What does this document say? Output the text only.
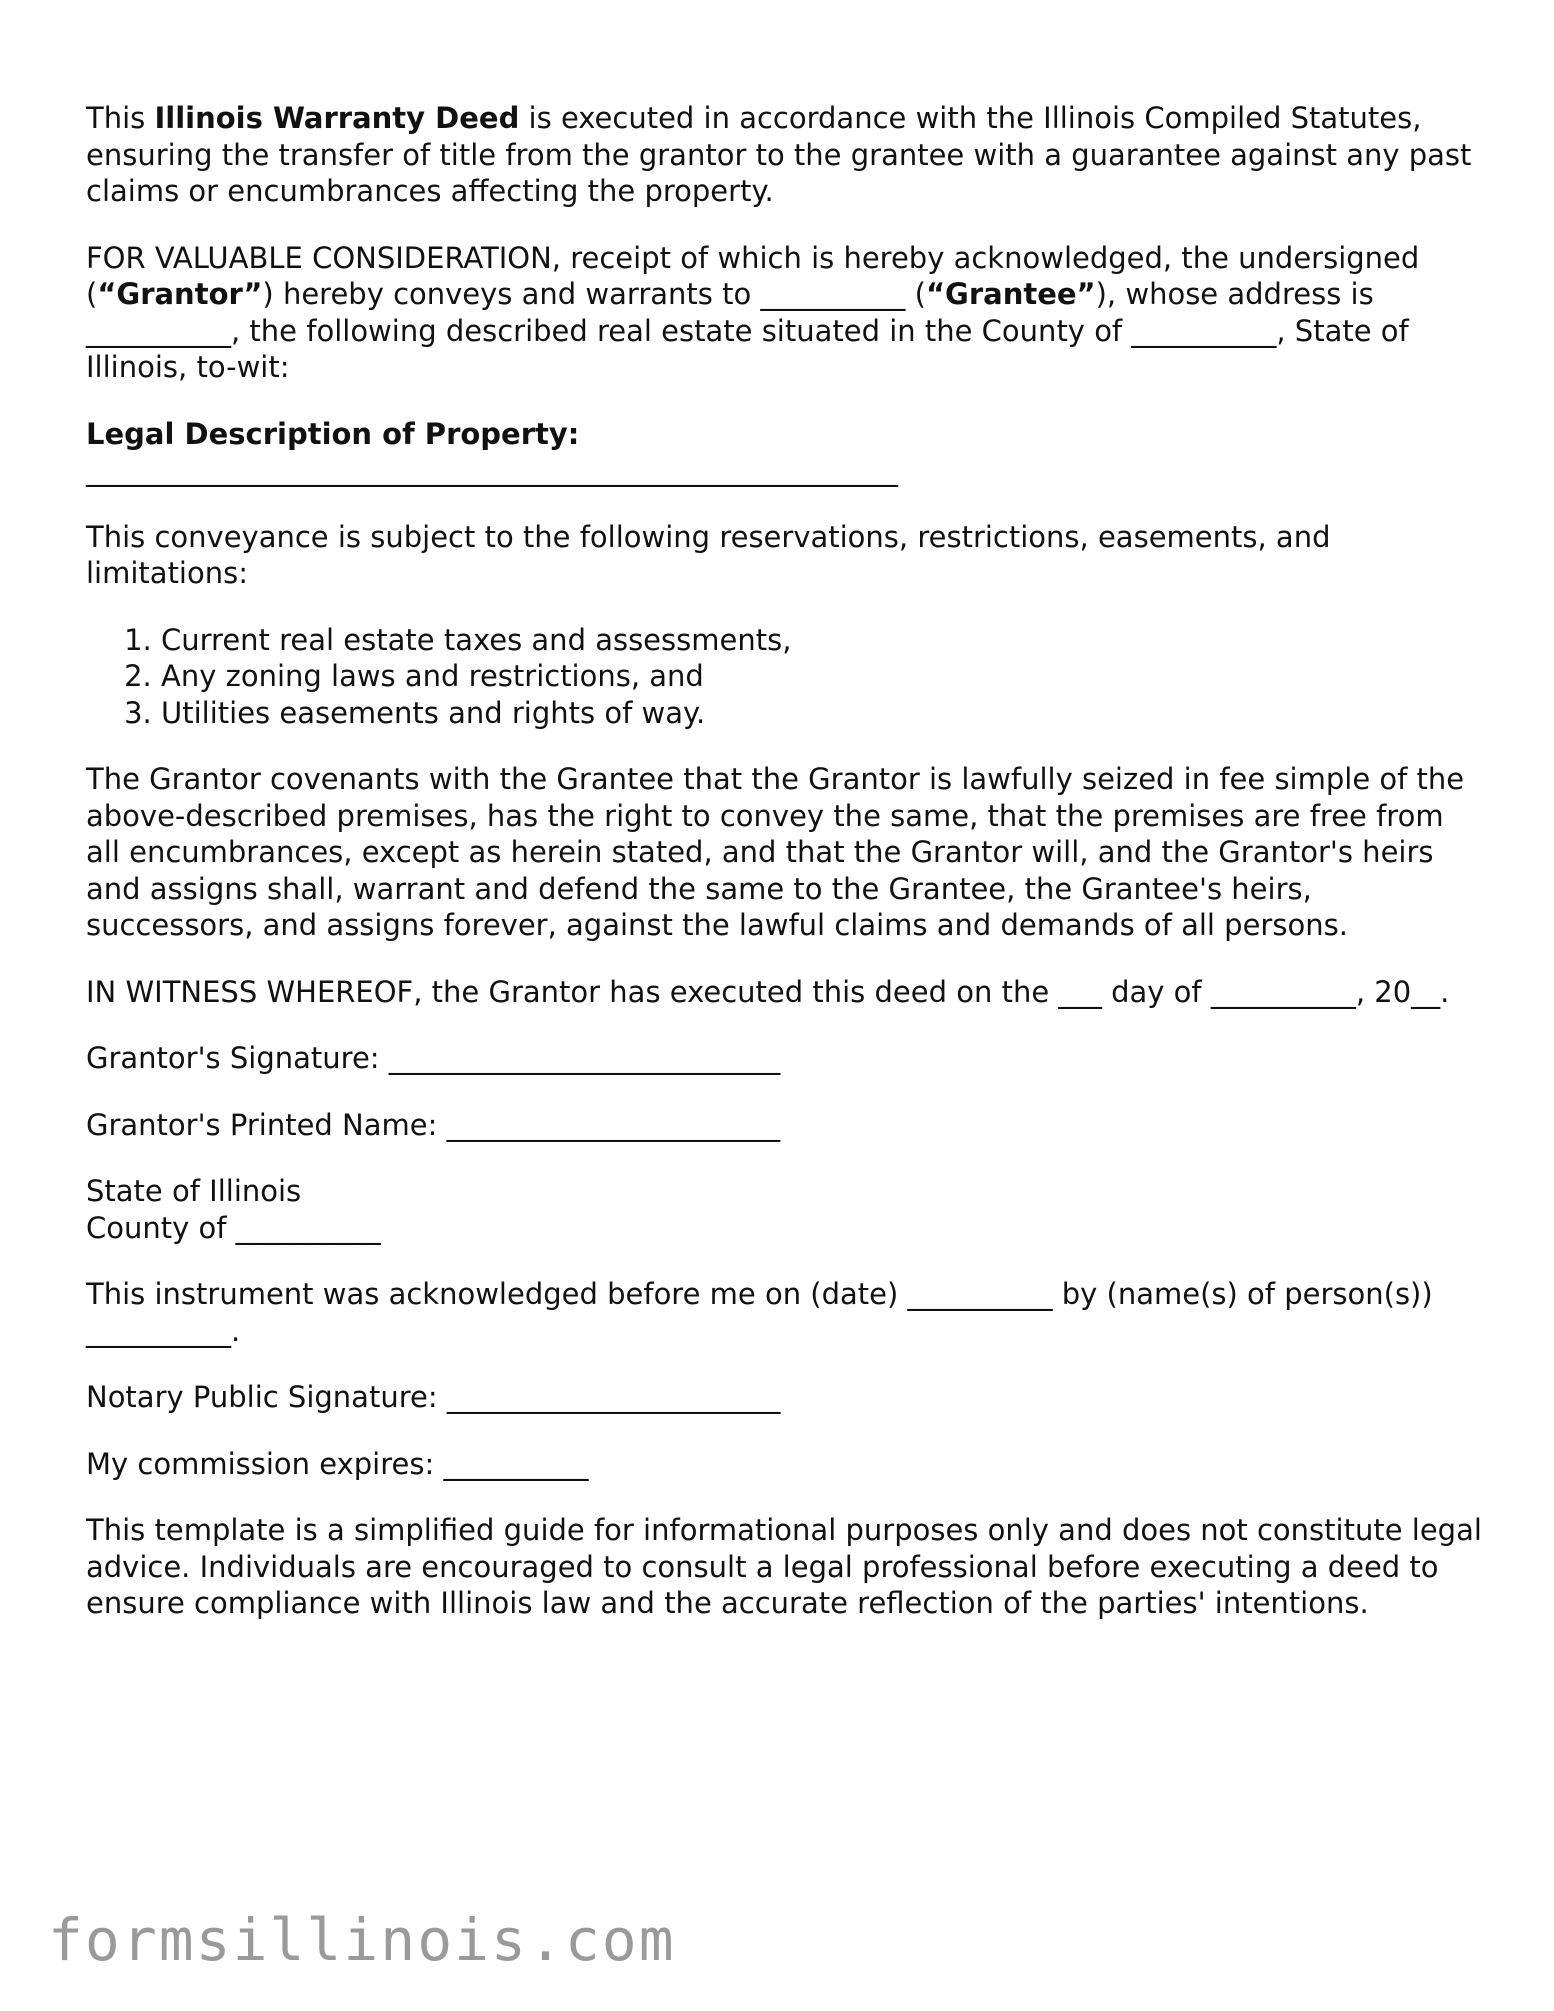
This Illinois Warranty Deed is executed in accordance with the Illinois Compiled Statutes, ensuring the transfer of title from the grantor to the grantee with a guarantee against any past claims or encumbrances affecting the property.

FOR VALUABLE CONSIDERATION, receipt of which is hereby acknowledged, the undersigned (“Grantor”) hereby conveys and warrants to __________ (“Grantee”), whose address is __________, the following described real estate situated in the County of __________, State of Illinois, to-wit:

Legal Description of Property:
________________________________________________________

This conveyance is subject to the following reservations, restrictions, easements, and limitations:

1. Current real estate taxes and assessments,
2. Any zoning laws and restrictions, and
3. Utilities easements and rights of way.

The Grantor covenants with the Grantee that the Grantor is lawfully seized in fee simple of the above-described premises, has the right to convey the same, that the premises are free from all encumbrances, except as herein stated, and that the Grantor will, and the Grantor's heirs and assigns shall, warrant and defend the same to the Grantee, the Grantee's heirs, successors, and assigns forever, against the lawful claims and demands of all persons.

IN WITNESS WHEREOF, the Grantor has executed this deed on the ___ day of __________, 20__.

Grantor's Signature: ___________________________

Grantor's Printed Name: _______________________

State of Illinois
County of __________

This instrument was acknowledged before me on (date) __________ by (name(s) of person(s)) __________.

Notary Public Signature: _______________________

My commission expires: __________

This template is a simplified guide for informational purposes only and does not constitute legal advice. Individuals are encouraged to consult a legal professional before executing a deed to ensure compliance with Illinois law and the accurate reflection of the parties' intentions.

formsillinois.com
